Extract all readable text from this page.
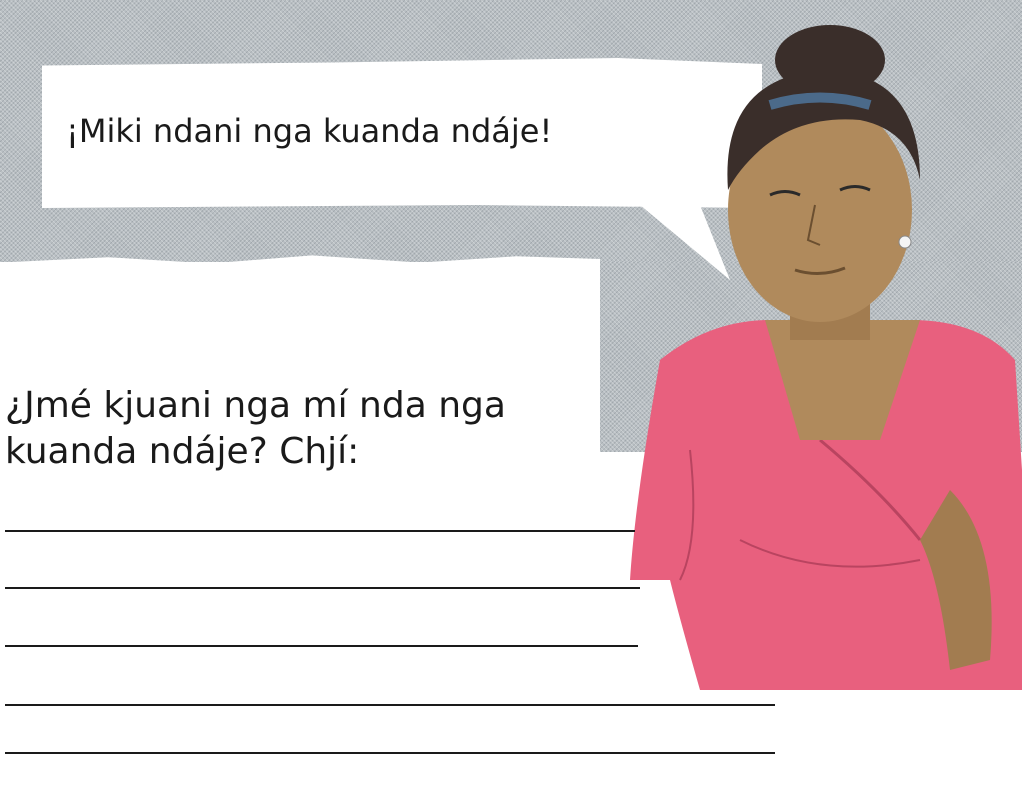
¡Miki ndani nga kuanda ndáje!

¿Jmé kjuani nga mí nda nga
kuanda ndáje? Chjí:
